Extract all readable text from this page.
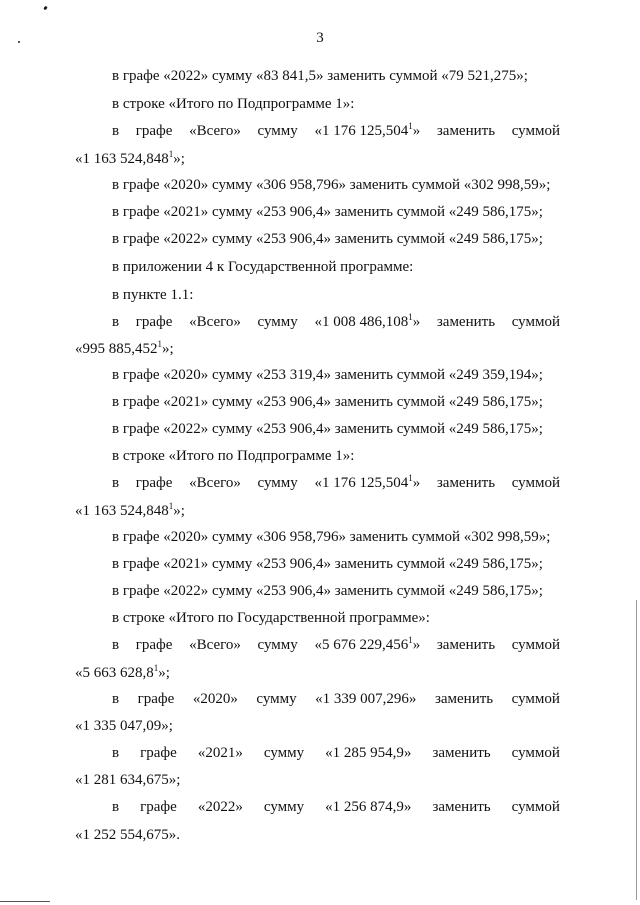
3
в графе «2022» сумму «83 841,5» заменить суммой «79 521,275»;
в строке «Итого по Подпрограмме 1»:
в графе «Всего» сумму «1 176 125,504$^1$» заменить суммой
«1 163 524,848$^1$»;
в графе «2020» сумму «306 958,796» заменить суммой «302 998,59»;
в графе «2021» сумму «253 906,4» заменить суммой «249 586,175»;
в графе «2022» сумму «253 906,4» заменить суммой «249 586,175»;
в приложении 4 к Государственной программе:
в пункте 1.1:
в графе «Всего» сумму «1 008 486,108$^1$» заменить суммой
«995 885,452$^1$»;
в графе «2020» сумму «253 319,4» заменить суммой «249 359,194»;
в графе «2021» сумму «253 906,4» заменить суммой «249 586,175»;
в графе «2022» сумму «253 906,4» заменить суммой «249 586,175»;
в строке «Итого по Подпрограмме 1»:
в графе «Всего» сумму «1 176 125,504$^1$» заменить суммой
«1 163 524,848$^1$»;
в графе «2020» сумму «306 958,796» заменить суммой «302 998,59»;
в графе «2021» сумму «253 906,4» заменить суммой «249 586,175»;
в графе «2022» сумму «253 906,4» заменить суммой «249 586,175»;
в строке «Итого по Государственной программе»:
в графе «Всего» сумму «5 676 229,456$^1$» заменить суммой
«5 663 628,8$^1$»;
в графе «2020» сумму «1 339 007,296» заменить суммой
«1 335 047,09»;
в графе «2021» сумму «1 285 954,9» заменить суммой
«1 281 634,675»;
в графе «2022» сумму «1 256 874,9» заменить суммой
«1 252 554,675».
